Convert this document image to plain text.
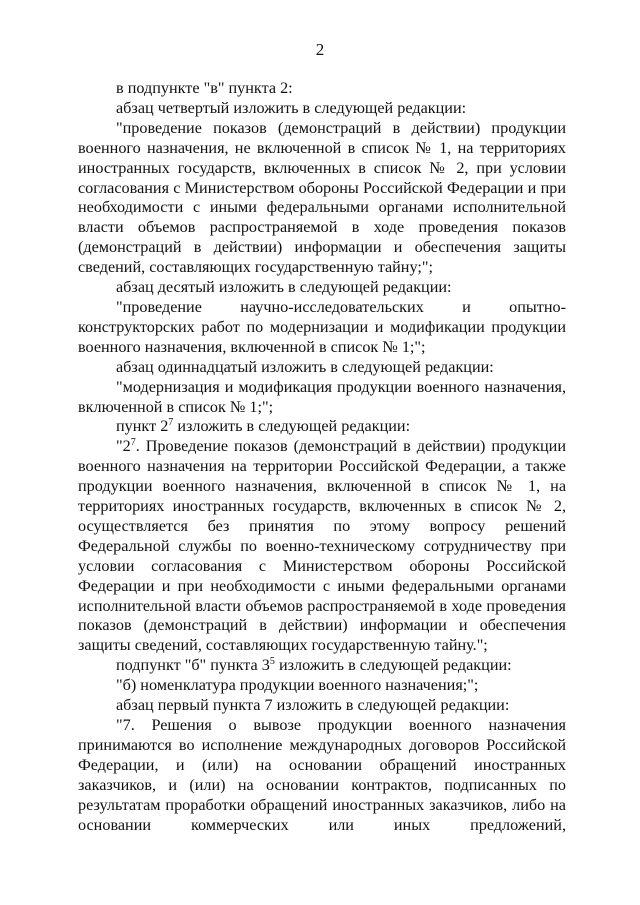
2

в подпункте "в" пункта 2:

абзац четвертый изложить в следующей редакции:

"проведение показов (демонстраций в действии) продукции военного назначения, не включенной в список № 1, на территориях иностранных государств, включенных в список № 2, при условии согласования с Министерством обороны Российской Федерации и при необходимости с иными федеральными органами исполнительной власти объемов распространяемой в ходе проведения показов (демонстраций в действии) информации и обеспечения защиты сведений, составляющих государственную тайну;";

абзац десятый изложить в следующей редакции:

"проведение научно-исследовательских и опытно-конструкторских работ по модернизации и модификации продукции военного назначения, включенной в список № 1;";

абзац одиннадцатый изложить в следующей редакции:

"модернизация и модификация продукции военного назначения, включенной в список № 1;";

пункт $2^7$ изложить в следующей редакции:

"$2^7$. Проведение показов (демонстраций в действии) продукции военного назначения на территории Российской Федерации, а также продукции военного назначения, включенной в список № 1, на территориях иностранных государств, включенных в список № 2, осуществляется без принятия по этому вопросу решений Федеральной службы по военно-техническому сотрудничеству при условии согласования с Министерством обороны Российской Федерации и при необходимости с иными федеральными органами исполнительной власти объемов распространяемой в ходе проведения показов (демонстраций в действии) информации и обеспечения защиты сведений, составляющих государственную тайну.";

подпункт "б" пункта $3^5$ изложить в следующей редакции:

"б) номенклатура продукции военного назначения;";

абзац первый пункта 7 изложить в следующей редакции:

"7. Решения о вывозе продукции военного назначения принимаются во исполнение международных договоров Российской Федерации, и (или) на основании обращений иностранных заказчиков, и (или) на основании контрактов, подписанных по результатам проработки обращений иностранных заказчиков, либо на основании коммерческих или иных предложений,
